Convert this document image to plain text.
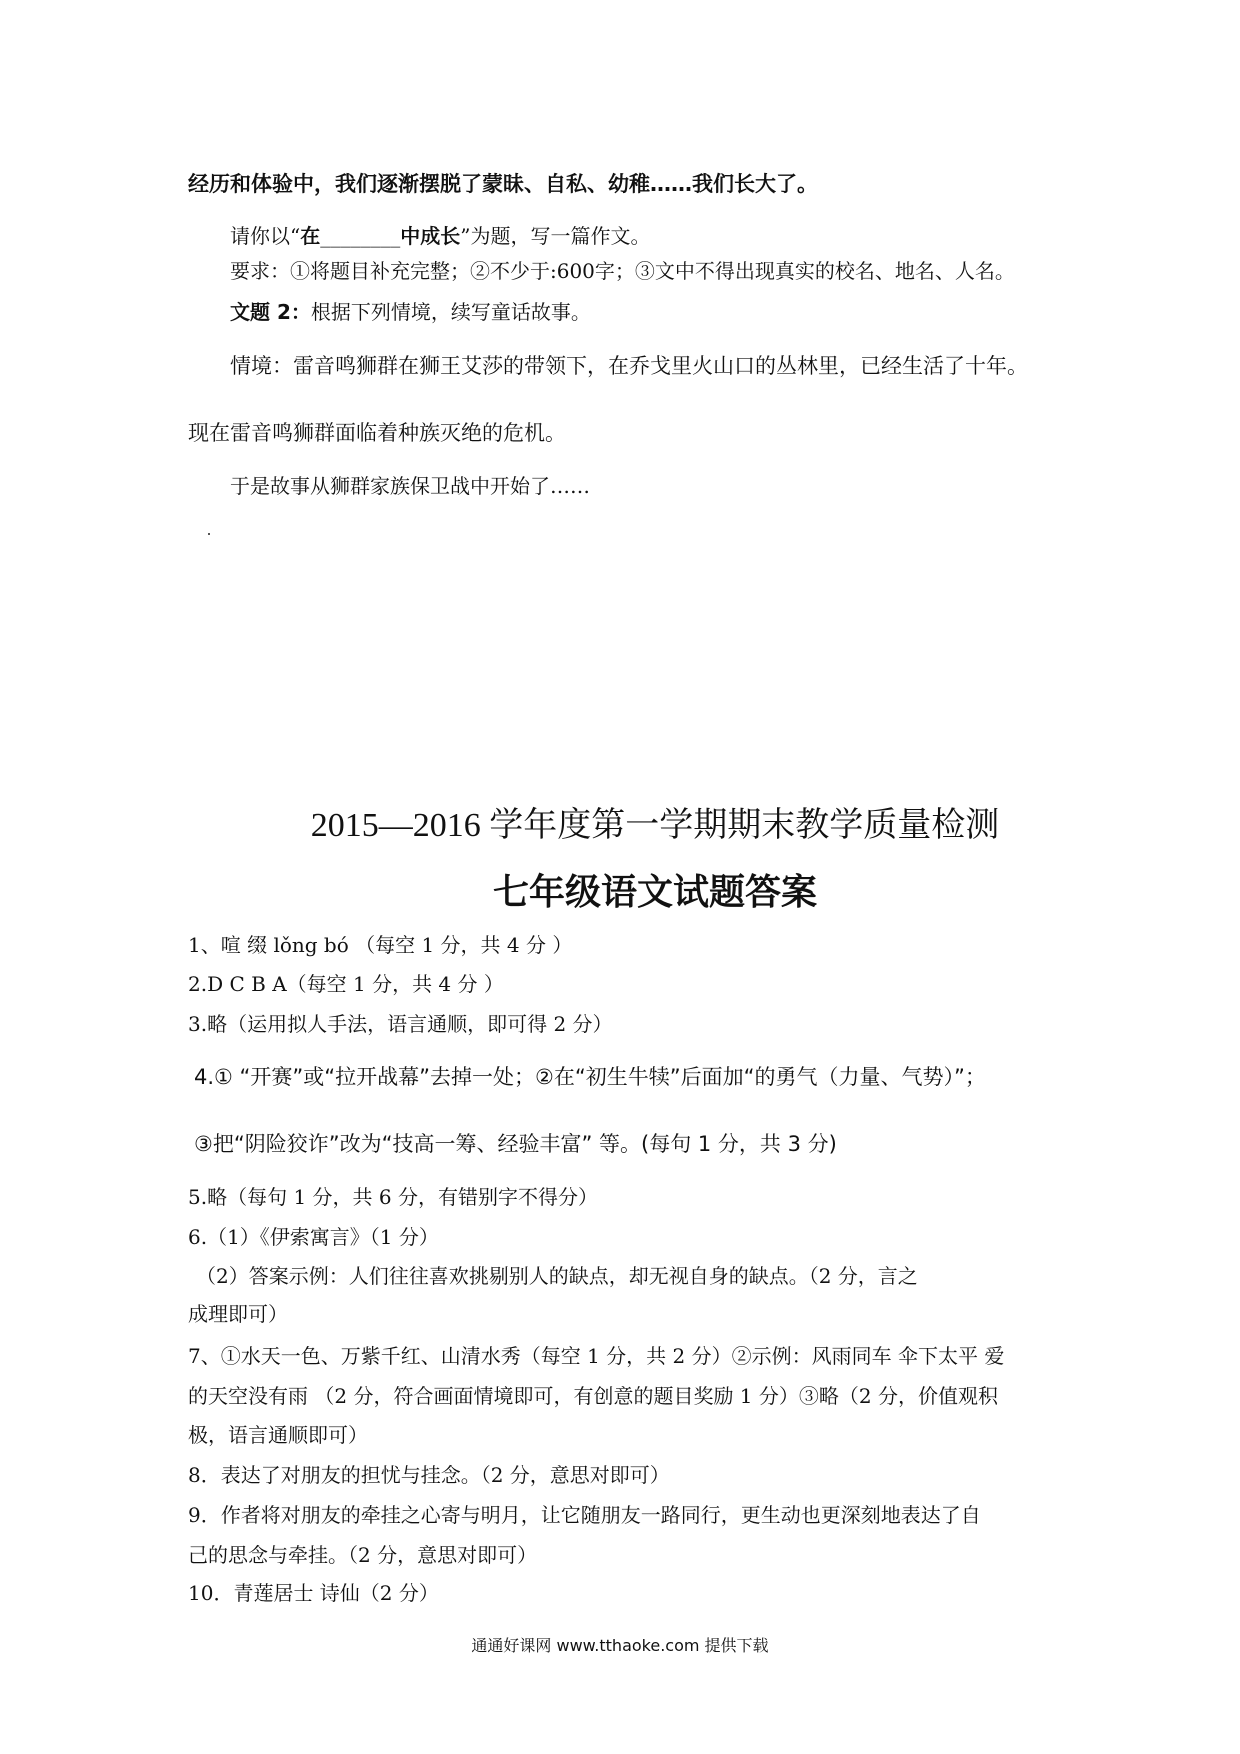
经历和体验中，我们逐渐摆脱了蒙昧、自私、幼稚……我们长大了。
请你以“在________中成长”为题，写一篇作文。
要求：①将题目补充完整；②不少于:600字；③文中不得出现真实的校名、地名、人名。
文题 2：根据下列情境，续写童话故事。
情境：雷音鸣狮群在狮王艾莎的带领下，在乔戈里火山口的丛林里，已经生活了十年。
现在雷音鸣狮群面临着种族灭绝的危机。
于是故事从狮群家族保卫战中开始了……
2015—2016 学年度第一学期期末教学质量检测
七年级语文试题答案
1、喧 缀 lǒng bó （每空 1 分，共 4 分 ）
2.D C B A（每空 1 分，共 4 分 ）
3.略（运用拟人手法，语言通顺，即可得 2 分）
4.① “开赛”或“拉开战幕”去掉一处；②在“初生牛犊”后面加“的勇气（力量、气势）”；
③把“阴险狡诈”改为“技高一筹、经验丰富” 等。(每句 1 分，共 3 分)
5.略（每句 1 分，共 6 分，有错别字不得分）
6.（1）《伊索寓言》（1 分）
（2）答案示例：人们往往喜欢挑剔别人的缺点，却无视自身的缺点。（2 分，言之
成理即可）
7、①水天一色、万紫千红、山清水秀（每空 1 分，共 2 分）②示例：风雨同车 伞下太平 爱
的天空没有雨 （2 分，符合画面情境即可，有创意的题目奖励 1 分）③略（2 分，价值观积
极，语言通顺即可）
8．表达了对朋友的担忧与挂念。（2 分，意思对即可）
9．作者将对朋友的牵挂之心寄与明月，让它随朋友一路同行，更生动也更深刻地表达了自
己的思念与牵挂。（2 分，意思对即可）
10．青莲居士 诗仙（2 分）
通通好课网 www.tthaoke.com 提供下载
